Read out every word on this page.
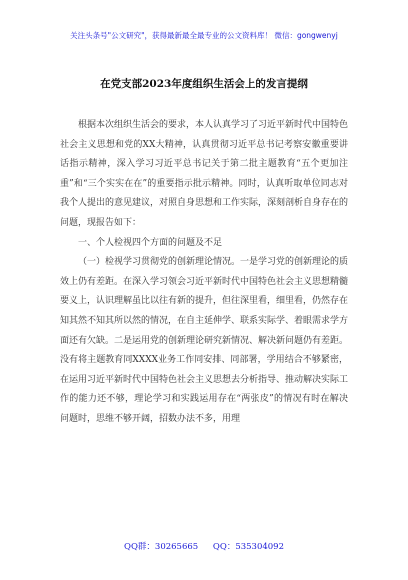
关注头条号"公文研究"，获得最新最全最专业的公文资料库！ 微信：gongwenyj
在党支部2023年度组织生活会上的发言提纲

根据本次组织生活会的要求，本人认真学习了习近平新时代中国特色社会主义思想和党的XX大精神，认真贯彻习近平总书记考察安徽重要讲话指示精神，深入学习习近平总书记关于第二批主题教育“五个更加注重”和“三个实实在在”的重要指示批示精神。同时，认真听取单位同志对我个人提出的意见建议，对照自身思想和工作实际，深刻剖析自身存在的问题，现报告如下：

一、个人检视四个方面的问题及不足

（一）检视学习贯彻党的创新理论情况。一是学习党的创新理论的质效上仍有差距。在深入学习领会习近平新时代中国特色社会主义思想精髓要义上，认识理解虽比以往有新的提升，但往深里看，细里看，仍然存在知其然不知其所以然的情况，在自主延伸学、联系实际学、着眼需求学方面还有欠缺。二是运用党的创新理论研究新情况、解决新问题仍有差距。没有将主题教育同XXXX业务工作同安排、同部署，学用结合不够紧密，在运用习近平新时代中国特色社会主义思想去分析指导、推动解决实际工作的能力还不够，理论学习和实践运用存在“两张皮”的情况有时在解决问题时，思维不够开阔，招数办法不多，用理

QQ群：30265665 QQ：535304092
